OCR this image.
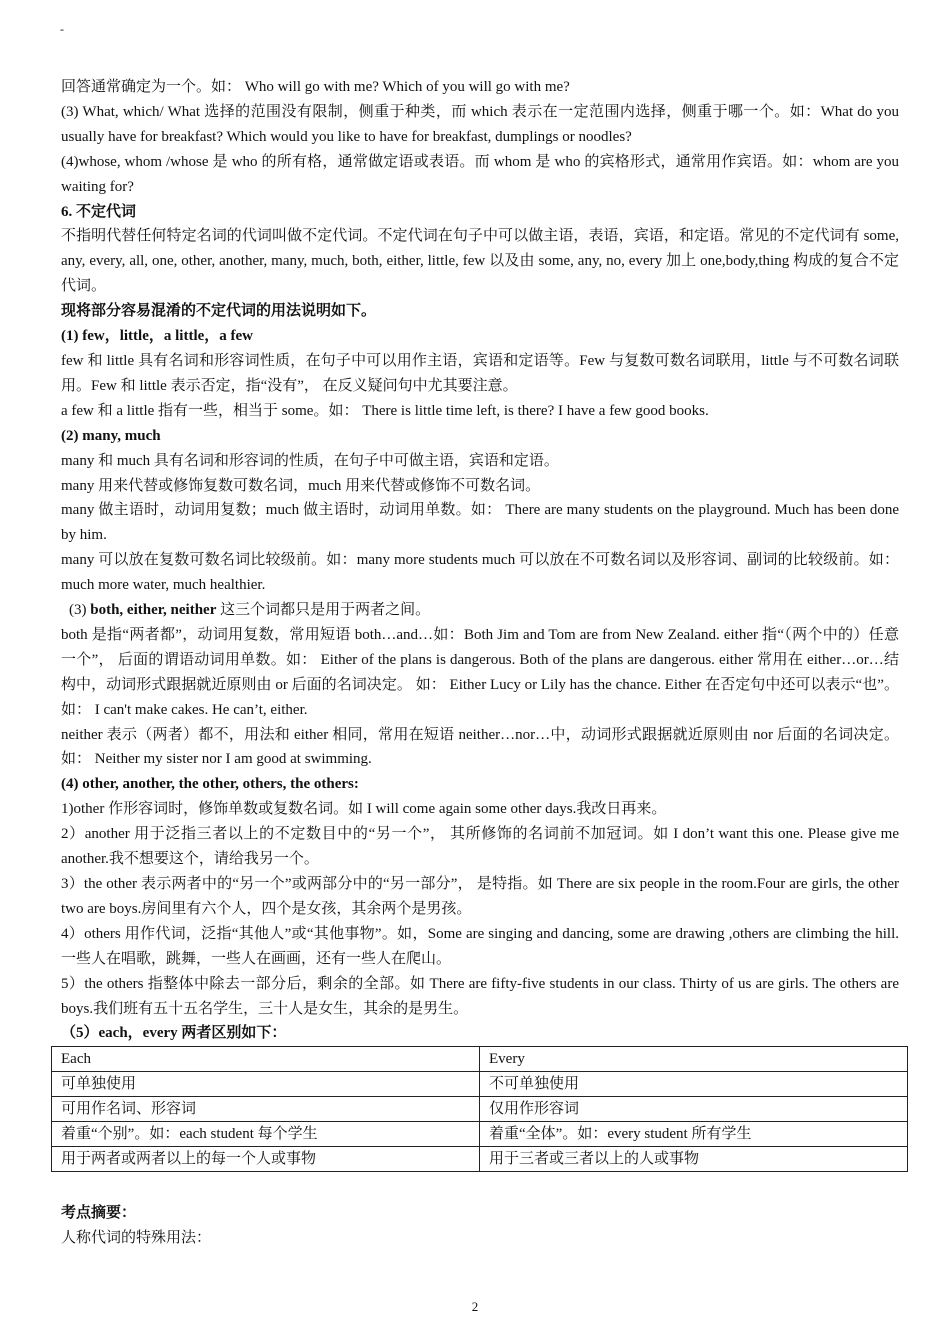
-

回答通常确定为一个。如： Who will go with me? Which of you will go with me?

(3) What, which/ What 选择的范围没有限制，侧重于种类，而 which 表示在一定范围内选择，侧重于哪一个。如：What do you usually have for breakfast? Which would you like to have for breakfast, dumplings or noodles?

(4)whose, whom /whose 是 who 的所有格，通常做定语或表语。而 whom 是 who 的宾格形式，通常用作宾语。如：whom are you waiting for?

6. 不定代词

不指明代替任何特定名词的代词叫做不定代词。不定代词在句子中可以做主语，表语，宾语，和定语。常见的不定代词有 some, any, every, all, one, other, another, many, much, both, either, little, few 以及由 some, any, no, every 加上 one,body,thing 构成的复合不定代词。

现将部分容易混淆的不定代词的用法说明如下。

(1) few，little，a little，a few

few 和 little 具有名词和形容词性质，在句子中可以用作主语，宾语和定语等。Few 与复数可数名词联用，little 与不可数名词联用。Few 和 little 表示否定，指“没有”， 在反义疑问句中尤其要注意。

a few 和 a little 指有一些，相当于 some。如： There is little time left, is there? I have a few good books.

(2) many, much

many 和 much 具有名词和形容词的性质，在句子中可做主语，宾语和定语。

many 用来代替或修饰复数可数名词，much 用来代替或修饰不可数名词。

many 做主语时，动词用复数；much 做主语时，动词用单数。如： There are many students on the playground. Much has been done by him.

many 可以放在复数可数名词比较级前。如：many more students much 可以放在不可数名词以及形容词、副词的比较级前。如：much more water, much healthier.

(3) both, either, neither 这三个词都只是用于两者之间。

both 是指“两者都”，动词用复数，常用短语 both…and…如：Both Jim and Tom are from New Zealand. either 指“（两个中的）任意一个”， 后面的谓语动词用单数。如： Either of the plans is dangerous. Both of the plans are dangerous. either 常用在 either…or…结构中，动词形式跟据就近原则由 or 后面的名词决定。 如： Either Lucy or Lily has the chance. Either 在否定句中还可以表示“也”。如： I can't make cakes. He can’t, either.

neither 表示（两者）都不，用法和 either 相同，常用在短语 neither…nor…中，动词形式跟据就近原则由 nor 后面的名词决定。 如： Neither my sister nor I am good at swimming.

(4) other, another, the other, others, the others:

1)other 作形容词时，修饰单数或复数名词。如 I will come again some other days.我改日再来。

2）another 用于泛指三者以上的不定数目中的“另一个”， 其所修饰的名词前不加冠词。如 I don’t want this one. Please give me another.我不想要这个，请给我另一个。

3）the other 表示两者中的“另一个”或两部分中的“另一部分”， 是特指。如 There are six people in the room.Four are girls, the other two are boys.房间里有六个人，四个是女孩，其余两个是男孩。

4）others 用作代词，泛指“其他人”或“其他事物”。如，Some are singing and dancing, some are drawing ,others are climbing the hill.一些人在唱歌，跳舞，一些人在画画，还有一些人在爬山。

5）the others 指整体中除去一部分后，剩余的全部。如 There are fifty-five students in our class. Thirty of us are girls. The others are boys.我们班有五十五名学生，三十人是女生，其余的是男生。

（5）each，every 两者区别如下：

Each	Every
可单独使用	不可单独使用
可用作名词、形容词	仅用作形容词
着重“个别”。如：each student 每个学生	着重“全体”。如：every student 所有学生
用于两者或两者以上的每一个人或事物	用于三者或三者以上的人或事物
考点摘要：
人称代词的特殊用法：
2
